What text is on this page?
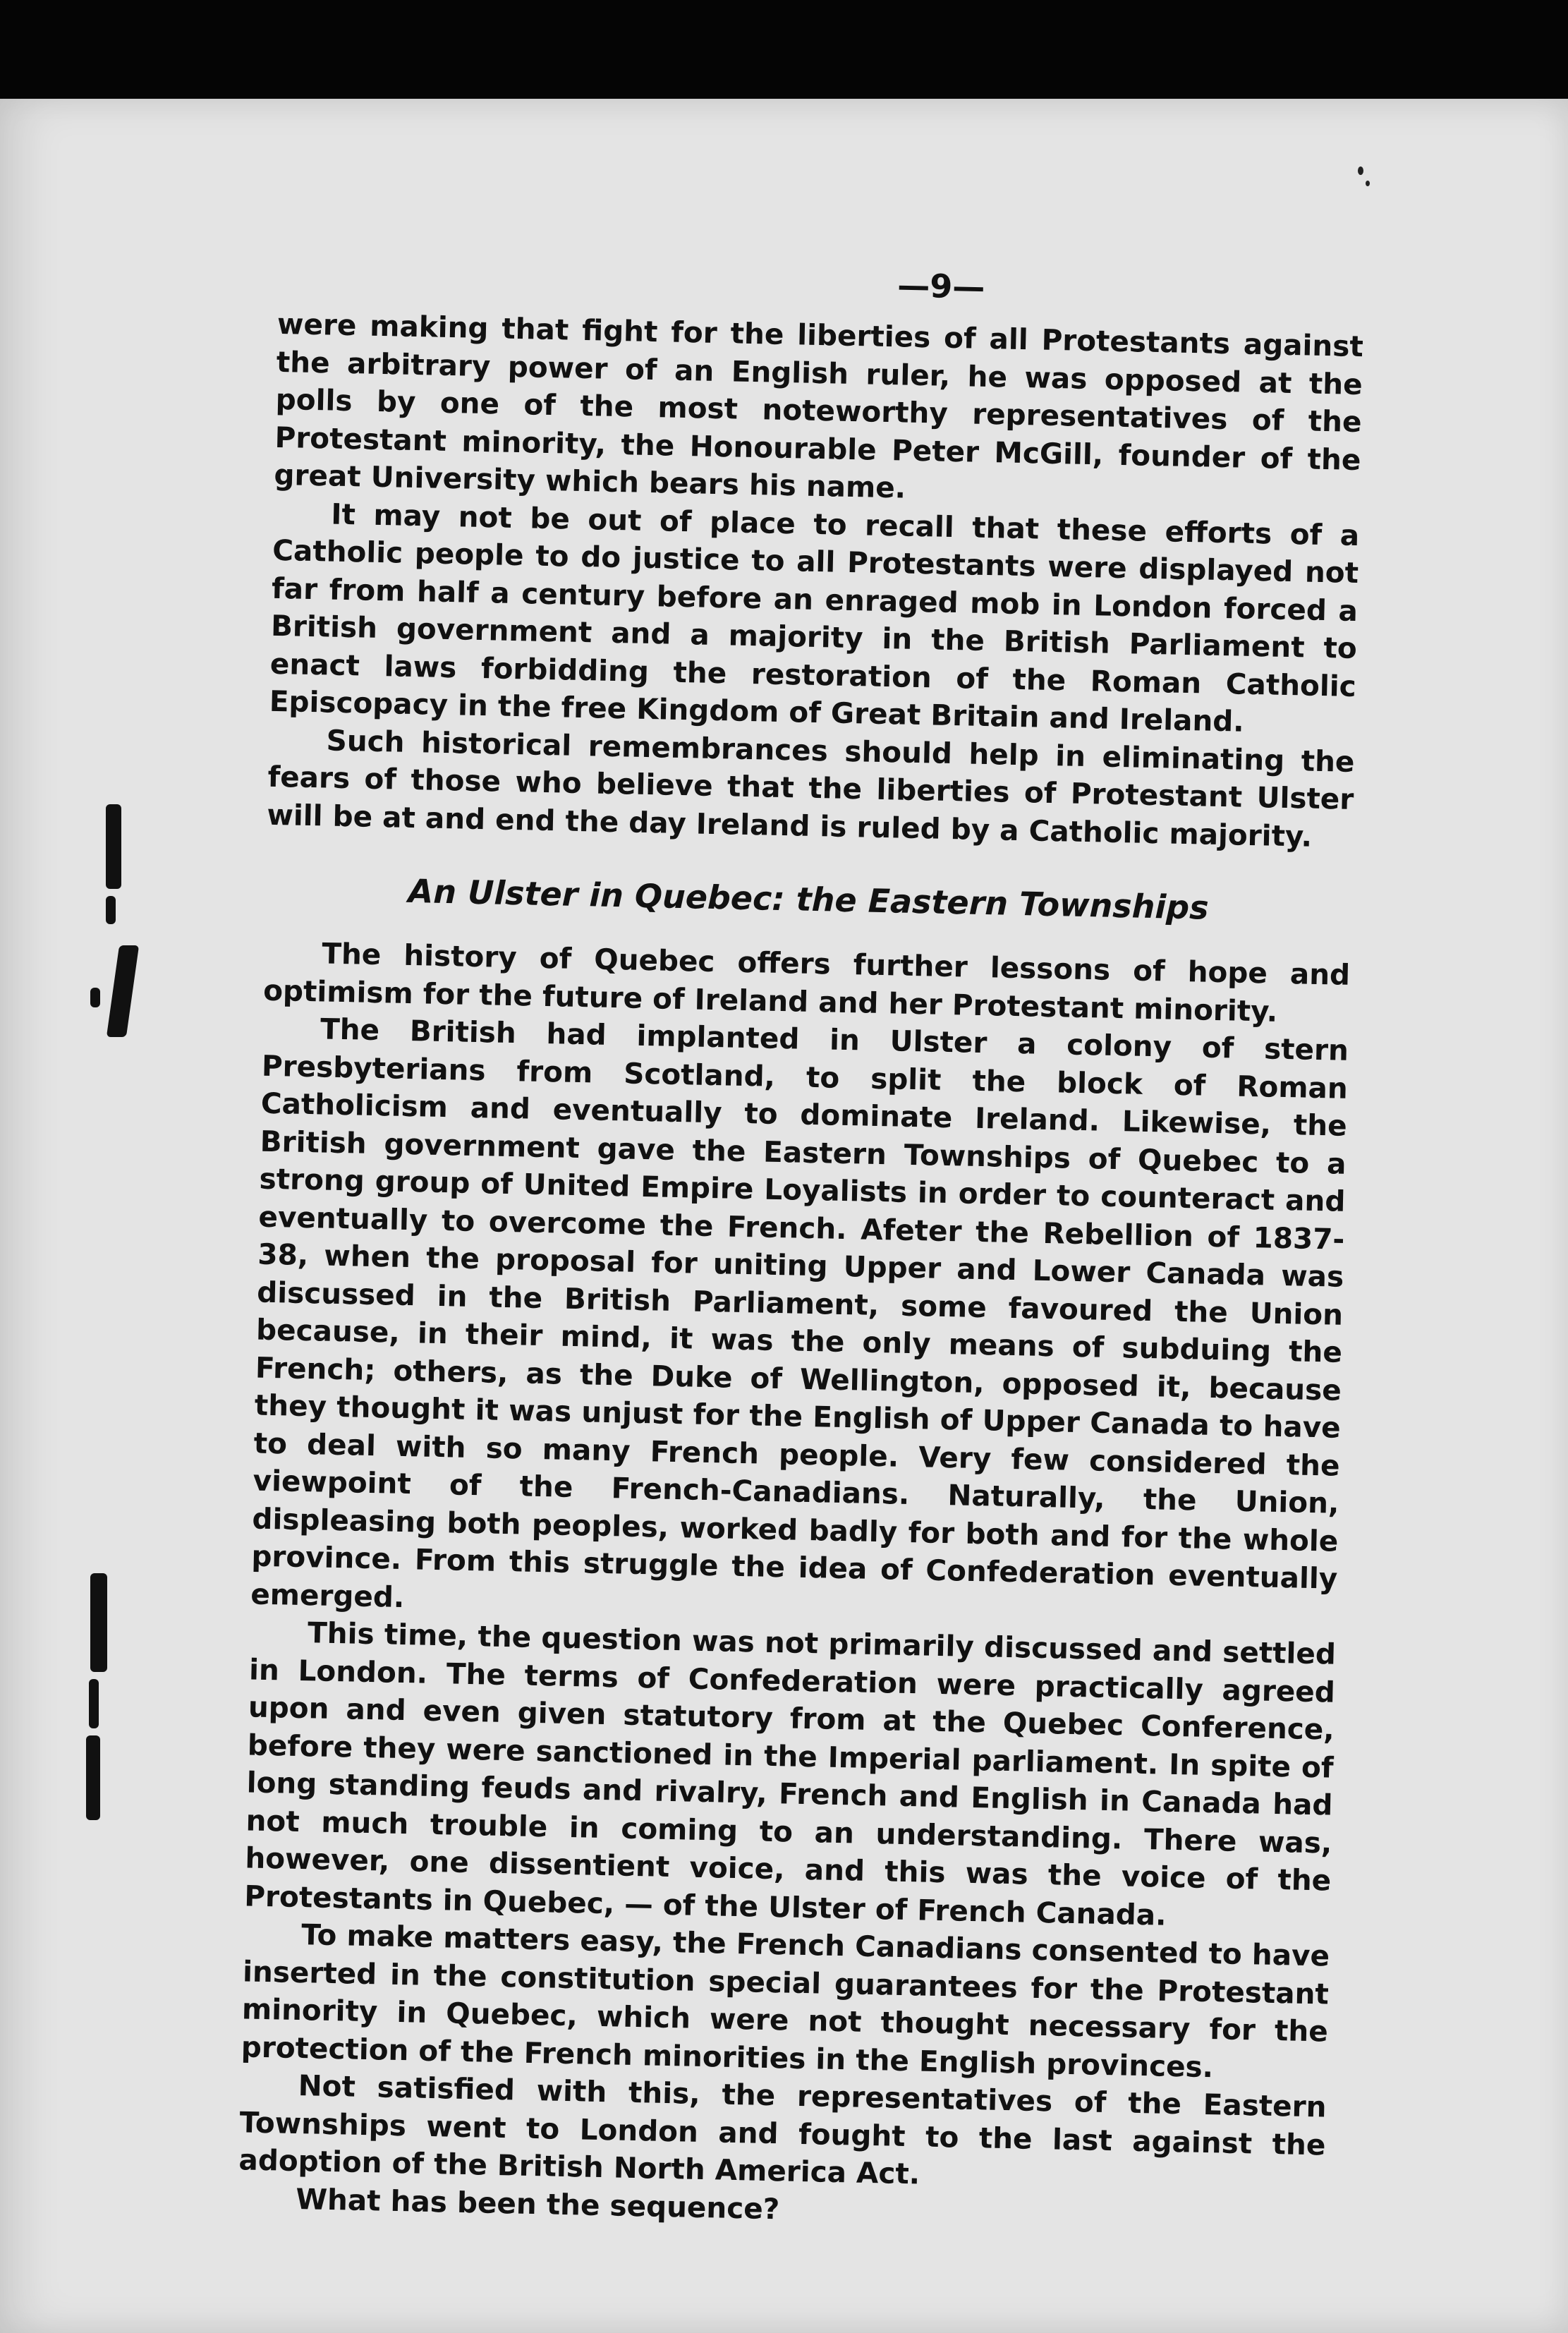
—9—

were making that fight for the liberties of all Protestants against the arbitrary power of an English ruler, he was opposed at the polls by one of the most noteworthy representatives of the Protestant minority, the Honourable Peter McGill, founder of the great University which bears his name.

It may not be out of place to recall that these efforts of a Catholic people to do justice to all Protestants were displayed not far from half a century before an enraged mob in London forced a British government and a majority in the British Parliament to enact laws forbidding the restoration of the Roman Catholic Episcopacy in the free Kingdom of Great Britain and Ireland.

Such historical remembrances should help in eliminating the fears of those who believe that the liberties of Protestant Ulster will be at and end the day Ireland is ruled by a Catholic majority.

An Ulster in Quebec: the Eastern Townships

The history of Quebec offers further lessons of hope and optimism for the future of Ireland and her Protestant minority.

The British had implanted in Ulster a colony of stern Presbyterians from Scotland, to split the block of Roman Catholicism and eventually to dominate Ireland. Likewise, the British government gave the Eastern Townships of Quebec to a strong group of United Empire Loyalists in order to counteract and eventually to overcome the French. Afeter the Rebellion of 1837-38, when the proposal for uniting Upper and Lower Canada was discussed in the British Parliament, some favoured the Union because, in their mind, it was the only means of subduing the French; others, as the Duke of Wellington, opposed it, because they thought it was unjust for the English of Upper Canada to have to deal with so many French people. Very few considered the viewpoint of the French-Canadians. Naturally, the Union, displeasing both peoples, worked badly for both and for the whole province. From this struggle the idea of Confederation eventually emerged.

This time, the question was not primarily discussed and settled in London. The terms of Confederation were practically agreed upon and even given statutory from at the Quebec Conference, before they were sanctioned in the Imperial parliament. In spite of long standing feuds and rivalry, French and English in Canada had not much trouble in coming to an understanding. There was, however, one dissentient voice, and this was the voice of the Protestants in Quebec, — of the Ulster of French Canada.

To make matters easy, the French Canadians consented to have inserted in the constitution special guarantees for the Protestant minority in Quebec, which were not thought necessary for the protection of the French minorities in the English provinces.

Not satisfied with this, the representatives of the Eastern Townships went to London and fought to the last against the adoption of the British North America Act.

What has been the sequence?
